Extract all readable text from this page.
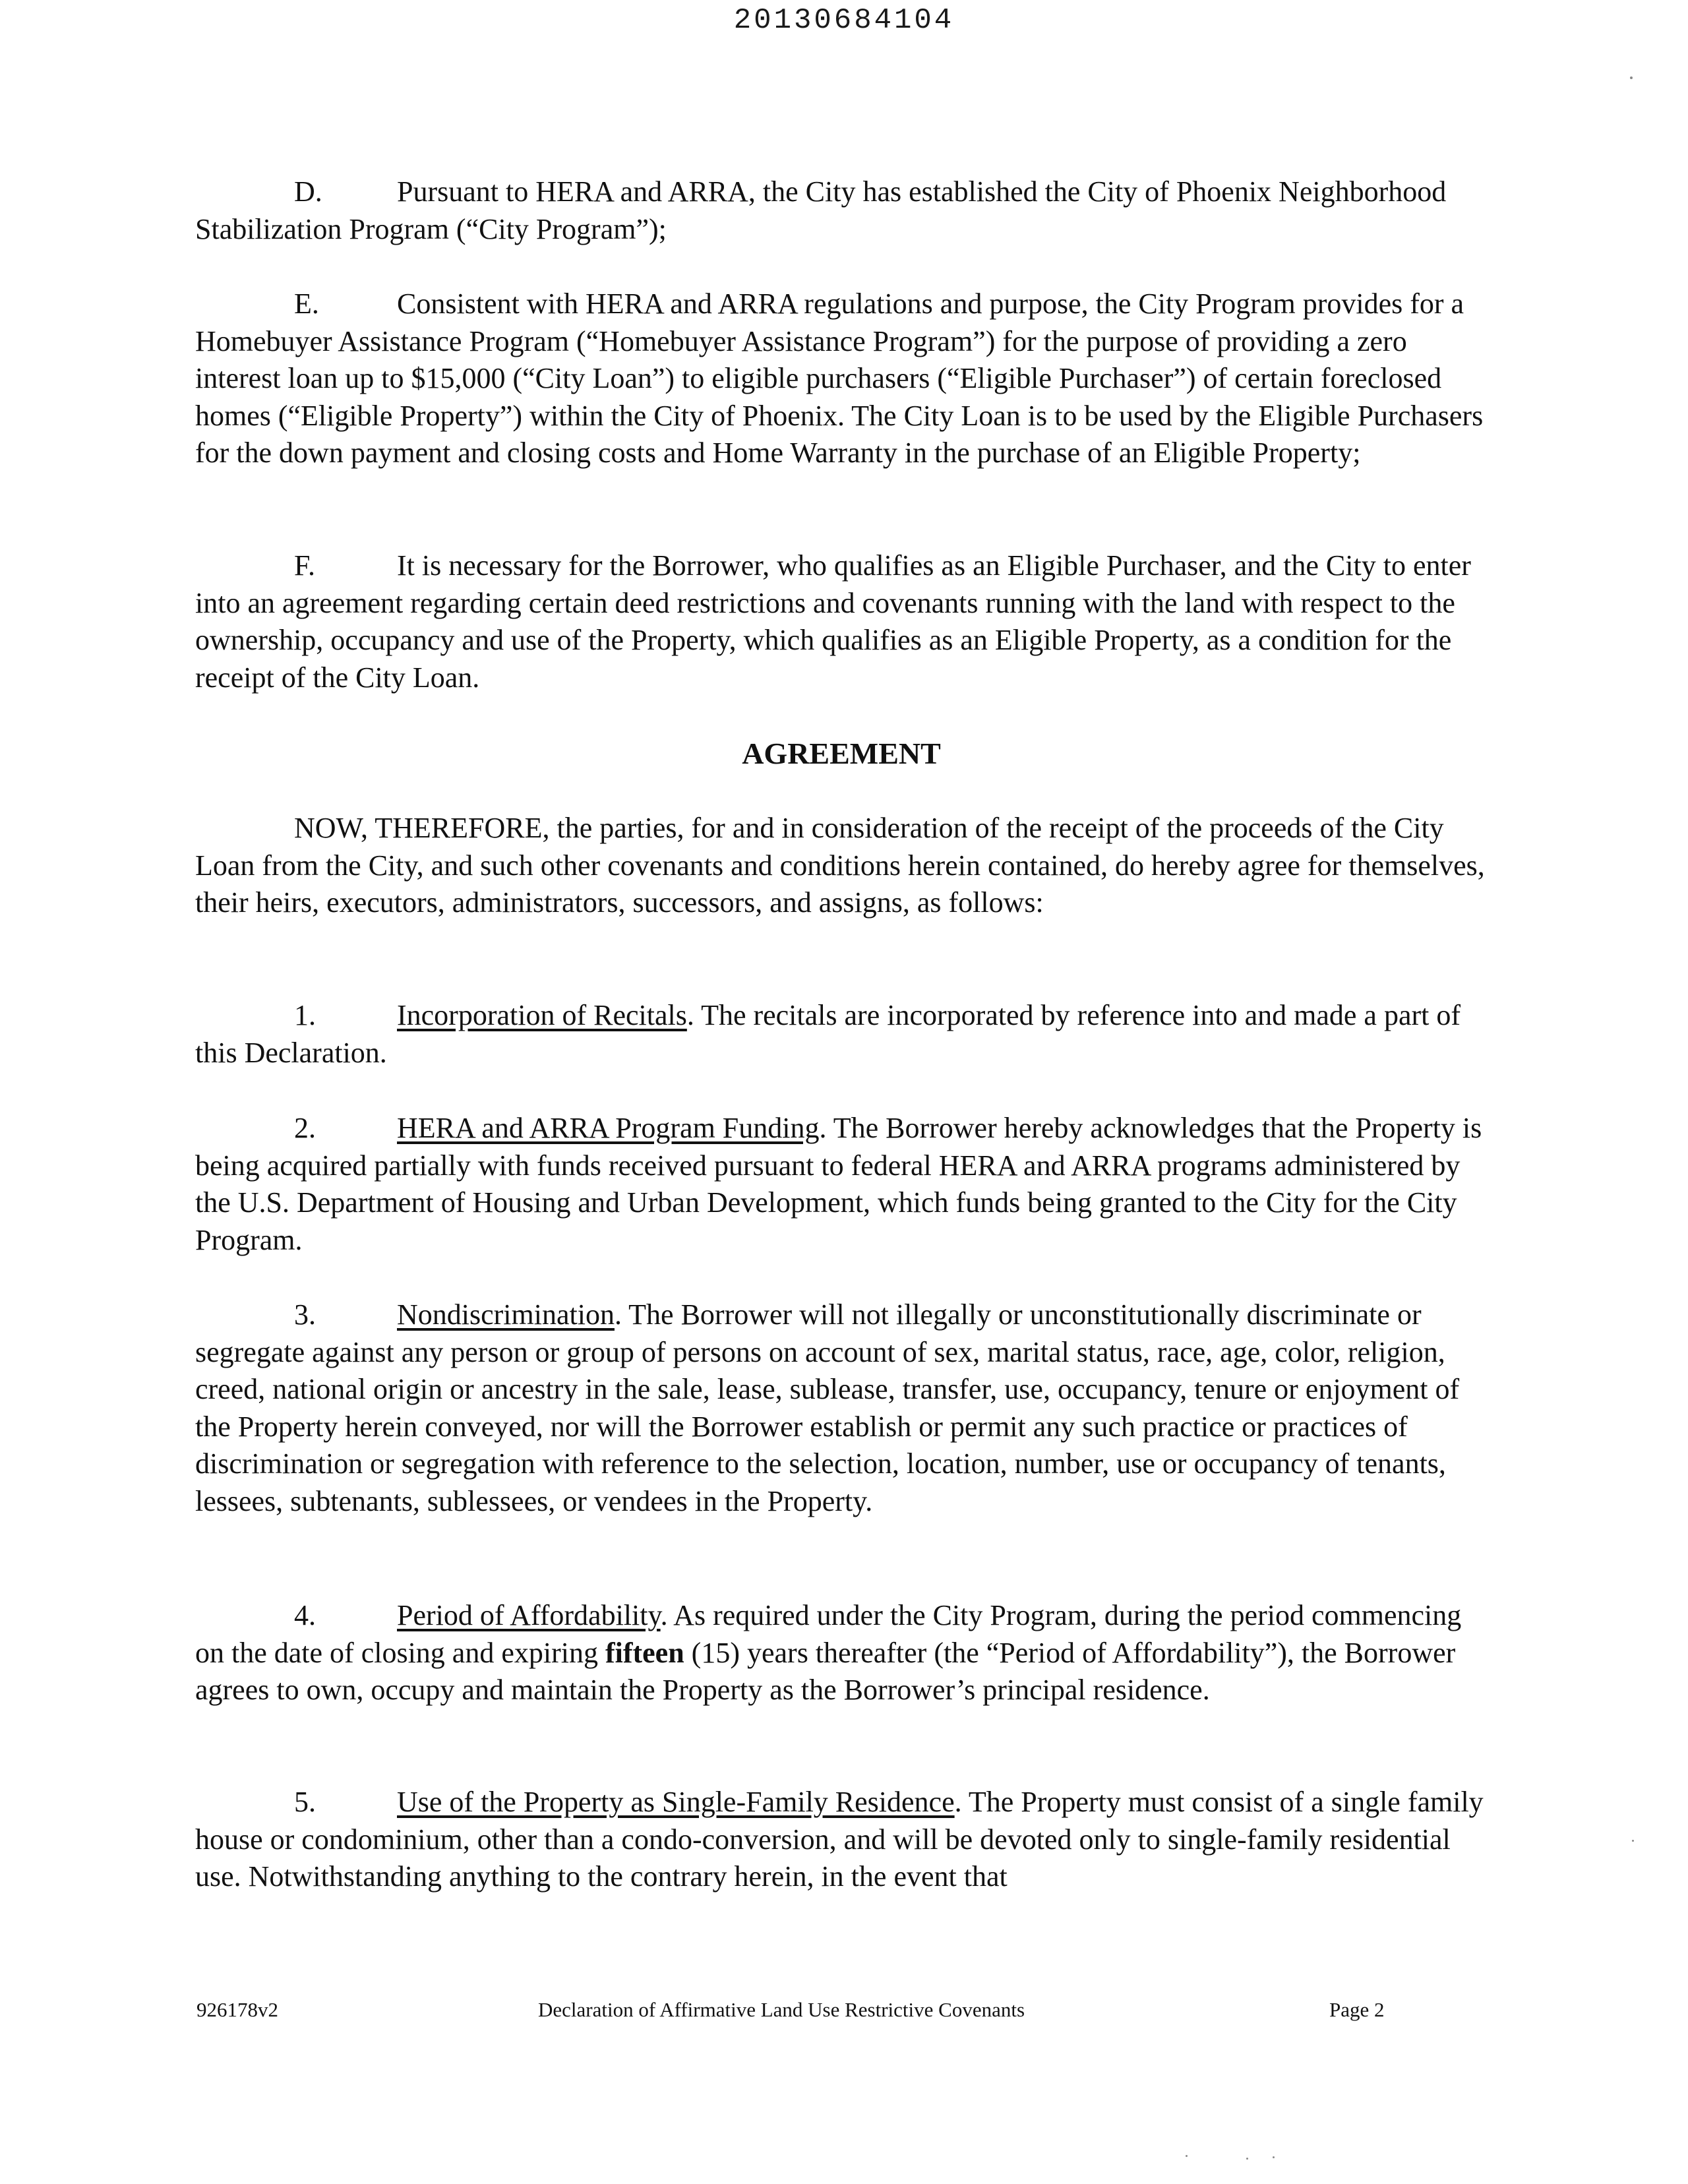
20130684104

D.	Pursuant to HERA and ARRA, the City has established the City of Phoenix Neighborhood Stabilization Program (“City Program”);

E.	Consistent with HERA and ARRA regulations and purpose, the City Program provides for a Homebuyer Assistance Program (“Homebuyer Assistance Program”) for the purpose of providing a zero interest loan up to $15,000 (“City Loan”) to eligible purchasers (“Eligible Purchaser”) of certain foreclosed homes (“Eligible Property”) within the City of Phoenix. The City Loan is to be used by the Eligible Purchasers for the down payment and closing costs and Home Warranty in the purchase of an Eligible Property;

F.	It is necessary for the Borrower, who qualifies as an Eligible Purchaser, and the City to enter into an agreement regarding certain deed restrictions and covenants running with the land with respect to the ownership, occupancy and use of the Property, which qualifies as an Eligible Property, as a condition for the receipt of the City Loan.

AGREEMENT

NOW, THEREFORE, the parties, for and in consideration of the receipt of the proceeds of the City Loan from the City, and such other covenants and conditions herein contained, do hereby agree for themselves, their heirs, executors, administrators, successors, and assigns, as follows:

1.	Incorporation of Recitals. The recitals are incorporated by reference into and made a part of this Declaration.

2.	HERA and ARRA Program Funding. The Borrower hereby acknowledges that the Property is being acquired partially with funds received pursuant to federal HERA and ARRA programs administered by the U.S. Department of Housing and Urban Development, which funds being granted to the City for the City Program.

3.	Nondiscrimination. The Borrower will not illegally or unconstitutionally discriminate or segregate against any person or group of persons on account of sex, marital status, race, age, color, religion, creed, national origin or ancestry in the sale, lease, sublease, transfer, use, occupancy, tenure or enjoyment of the Property herein conveyed, nor will the Borrower establish or permit any such practice or practices of discrimination or segregation with reference to the selection, location, number, use or occupancy of tenants, lessees, subtenants, sublessees, or vendees in the Property.

4.	Period of Affordability. As required under the City Program, during the period commencing on the date of closing and expiring fifteen (15) years thereafter (the “Period of Affordability”), the Borrower agrees to own, occupy and maintain the Property as the Borrower’s principal residence.

5.	Use of the Property as Single-Family Residence. The Property must consist of a single family house or condominium, other than a condo-conversion, and will be devoted only to single-family residential use. Notwithstanding anything to the contrary herein, in the event that

926178v2	Declaration of Affirmative Land Use Restrictive Covenants	Page 2
